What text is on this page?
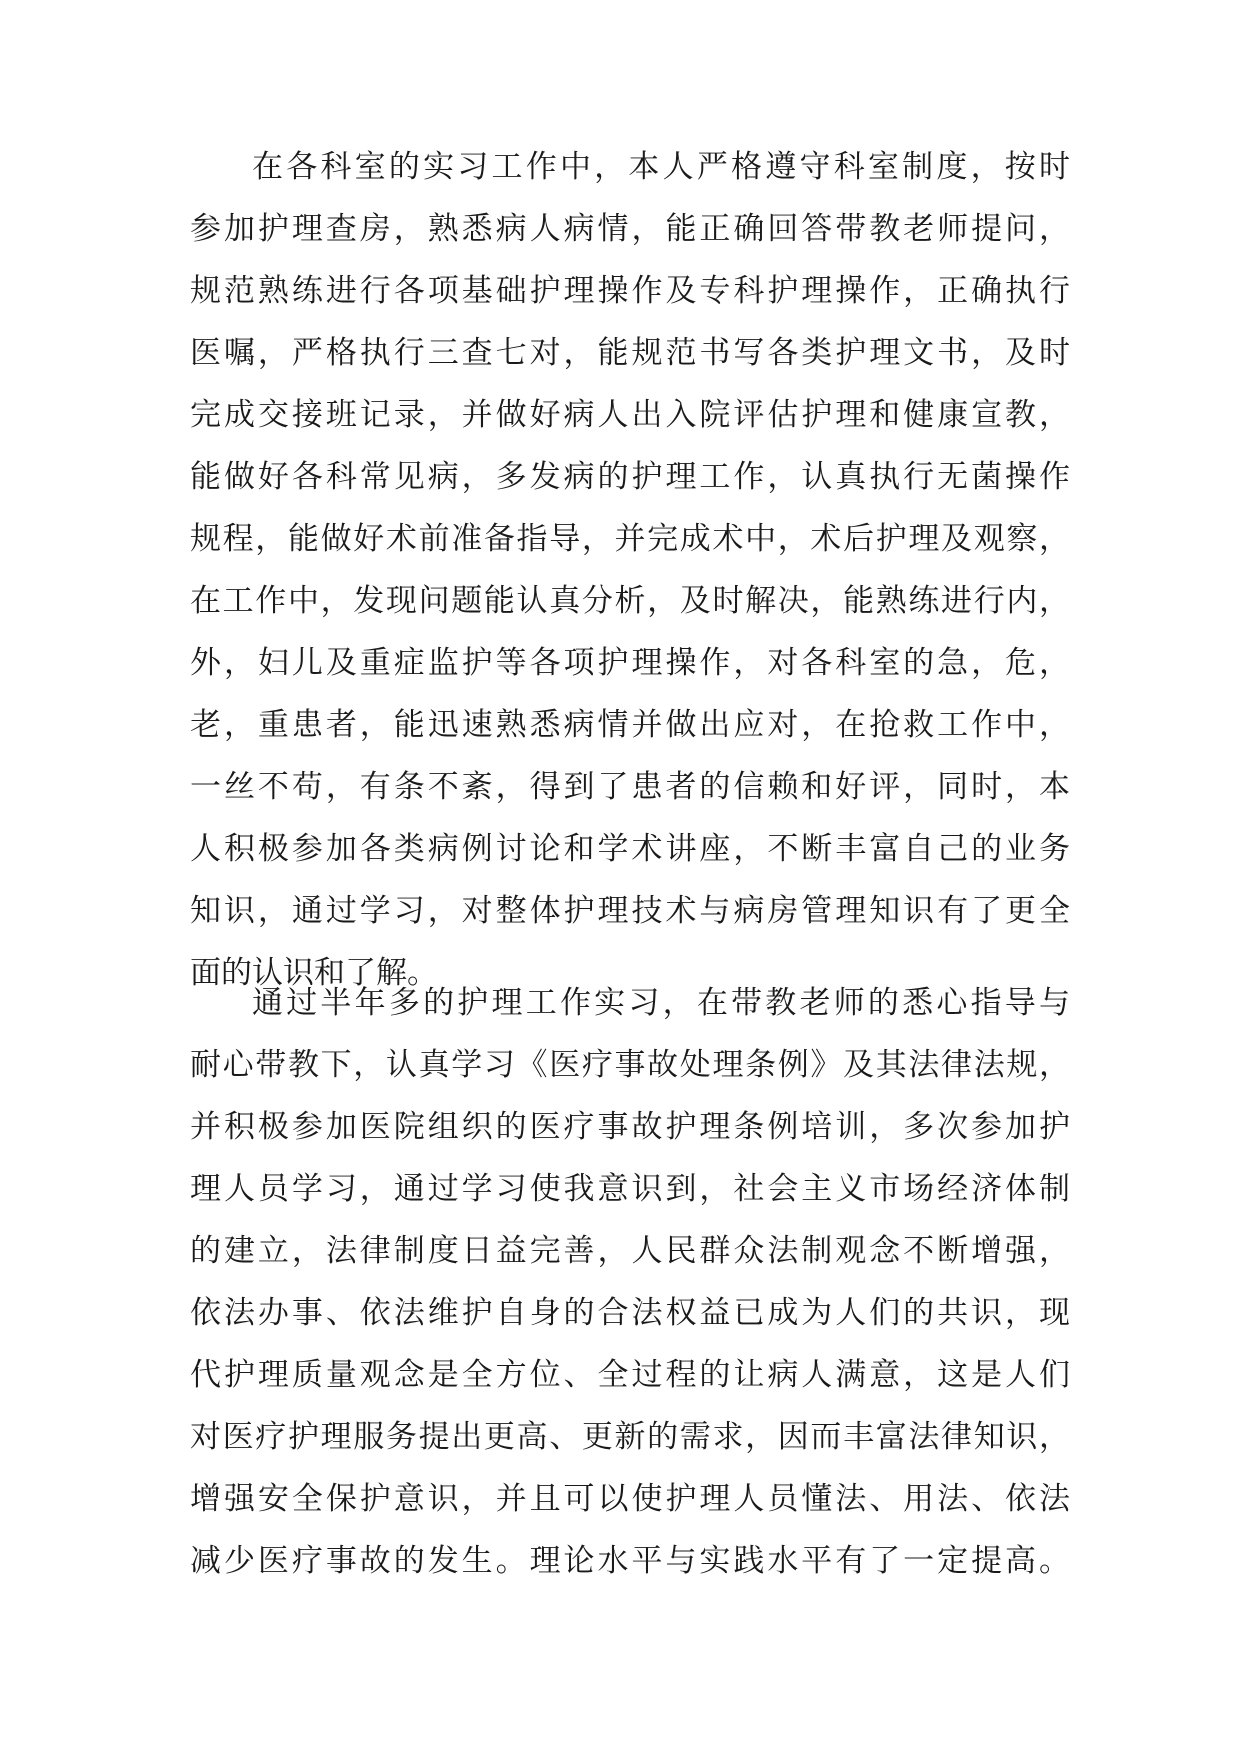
在各科室的实习工作中，本人严格遵守科室制度，按时
参加护理查房，熟悉病人病情，能正确回答带教老师提问，
规范熟练进行各项基础护理操作及专科护理操作，正确执行
医嘱，严格执行三查七对，能规范书写各类护理文书，及时
完成交接班记录，并做好病人出入院评估护理和健康宣教，
能做好各科常见病，多发病的护理工作，认真执行无菌操作
规程，能做好术前准备指导，并完成术中，术后护理及观察，
在工作中，发现问题能认真分析，及时解决，能熟练进行内，
外，妇儿及重症监护等各项护理操作，对各科室的急，危，
老，重患者，能迅速熟悉病情并做出应对，在抢救工作中，
一丝不苟，有条不紊，得到了患者的信赖和好评，同时，本
人积极参加各类病例讨论和学术讲座，不断丰富自己的业务
知识，通过学习，对整体护理技术与病房管理知识有了更全
面的认识和了解。
通过半年多的护理工作实习，在带教老师的悉心指导与
耐心带教下，认真学习《医疗事故处理条例》及其法律法规，
并积极参加医院组织的医疗事故护理条例培训，多次参加护
理人员学习，通过学习使我意识到，社会主义市场经济体制
的建立，法律制度日益完善，人民群众法制观念不断增强，
依法办事、依法维护自身的合法权益已成为人们的共识，现
代护理质量观念是全方位、全过程的让病人满意，这是人们
对医疗护理服务提出更高、更新的需求，因而丰富法律知识，
增强安全保护意识，并且可以使护理人员懂法、用法、依法
减少医疗事故的发生。理论水平与实践水平有了一定提高。
